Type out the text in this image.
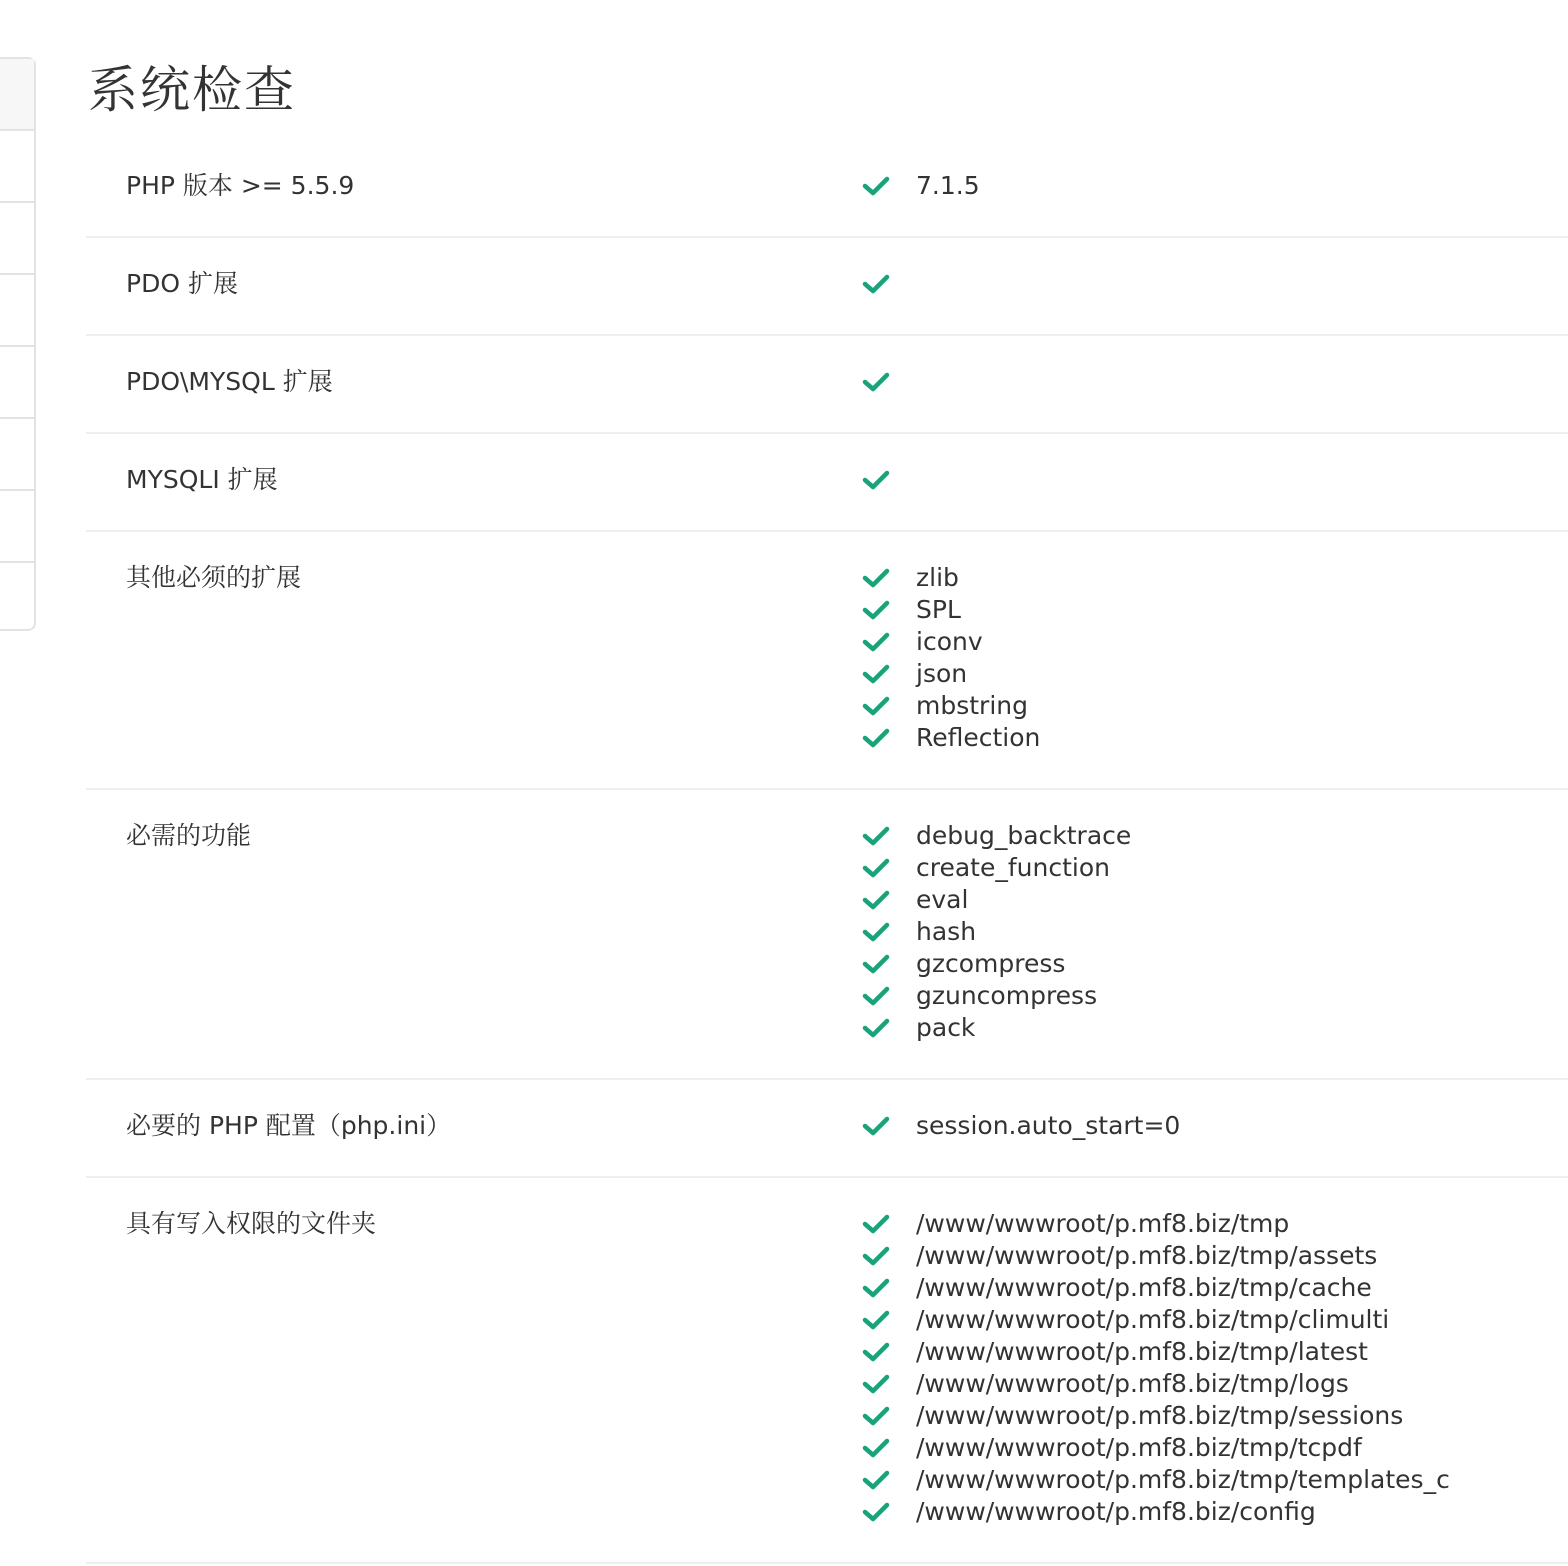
系统检查
PHP 版本 >= 5.5.9	7.1.5
PDO 扩展
PDO\MYSQL 扩展
MYSQLI 扩展
其他必须的扩展	zlib
SPL
iconv
json
mbstring
Reflection
必需的功能	debug_backtrace
create_function
eval
hash
gzcompress
gzuncompress
pack
必要的 PHP 配置（php.ini）	session.auto_start=0
具有写入权限的文件夹	/www/wwwroot/p.mf8.biz/tmp
/www/wwwroot/p.mf8.biz/tmp/assets
/www/wwwroot/p.mf8.biz/tmp/cache
/www/wwwroot/p.mf8.biz/tmp/climulti
/www/wwwroot/p.mf8.biz/tmp/latest
/www/wwwroot/p.mf8.biz/tmp/logs
/www/wwwroot/p.mf8.biz/tmp/sessions
/www/wwwroot/p.mf8.biz/tmp/tcpdf
/www/wwwroot/p.mf8.biz/tmp/templates_c
/www/wwwroot/p.mf8.biz/config
